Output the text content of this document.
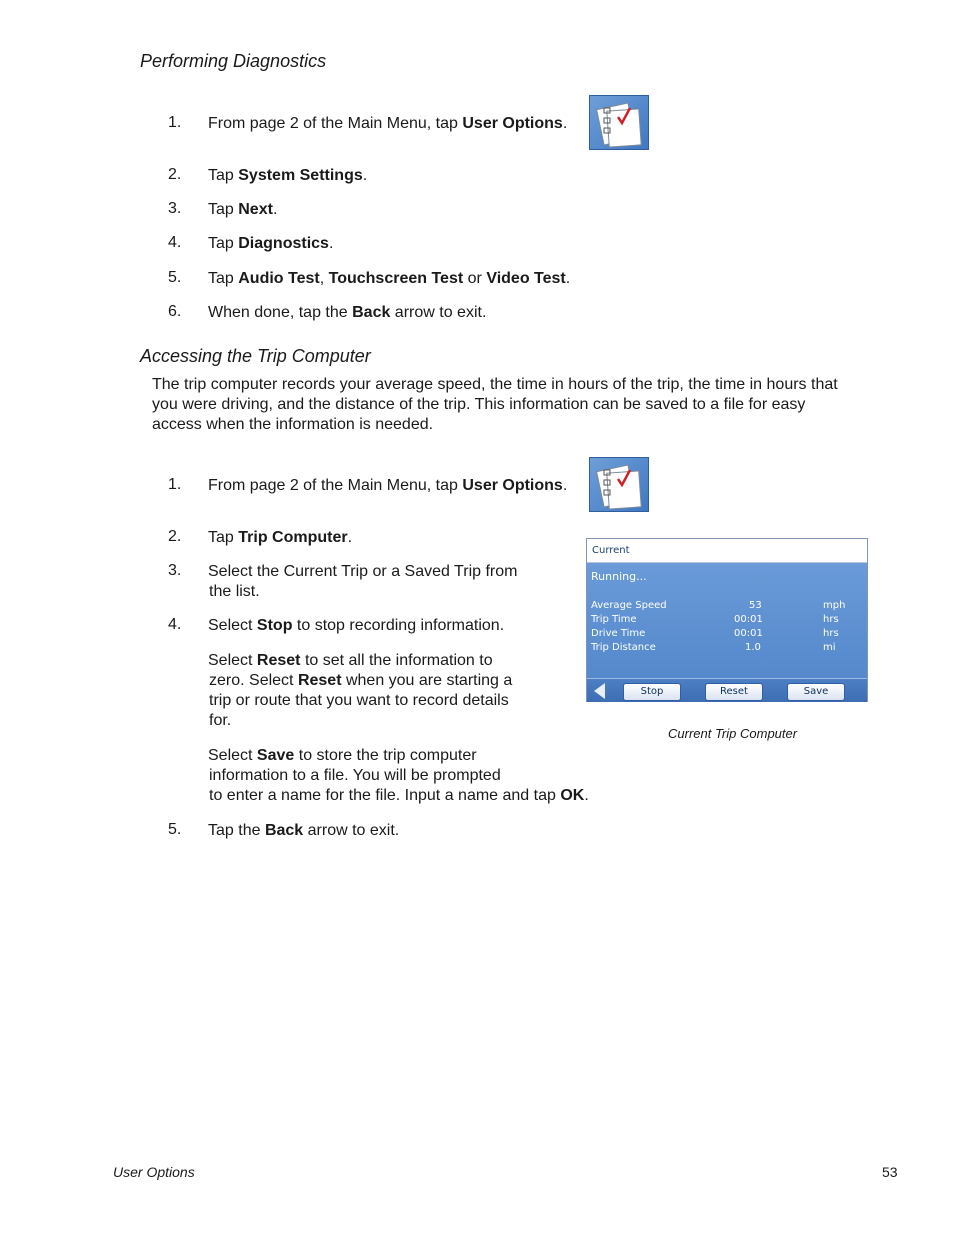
Performing Diagnostics
1.	From page 2 of the Main Menu, tap User Options.
2.	Tap System Settings.
3.	Tap Next.
4.	Tap Diagnostics.
5.	Tap Audio Test, Touchscreen Test or Video Test.
6.	When done, tap the Back arrow to exit.
Accessing the Trip Computer
The trip computer records your average speed, the time in hours of the trip, the time in hours that
you were driving, and the distance of the trip. This information can be saved to a file for easy
access when the information is needed.
1.	From page 2 of the Main Menu, tap User Options.
2.	Tap Trip Computer.
3.	Select the Current Trip or a Saved Trip from
the list.
4.	Select Stop to stop recording information.
Select Reset to set all the information to
zero. Select Reset when you are starting a
trip or route that you want to record details
for.
Select Save to store the trip computer
information to a file. You will be prompted
to enter a name for the file. Input a name and tap OK.
5.	Tap the Back arrow to exit.
Current
Running...
Average Speed	53	mph
Trip Time	00:01	hrs
Drive Time	00:01	hrs
Trip Distance	1.0	mi
Stop	Reset	Save
Current Trip Computer
User Options	53
